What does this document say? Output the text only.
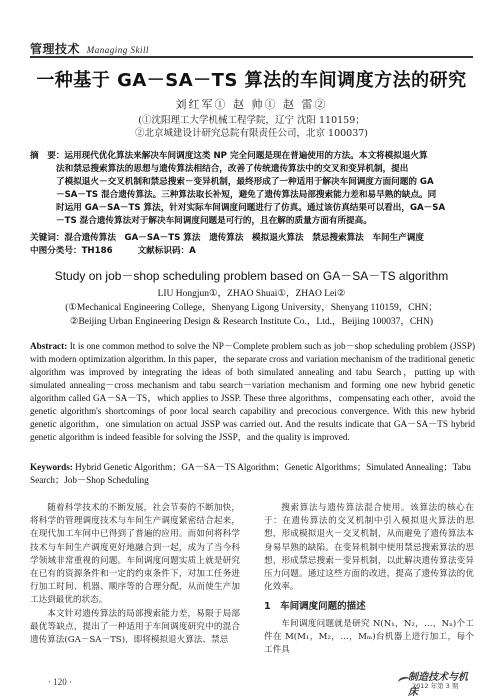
管理技术 Managing Skill
一种基于 GA－SA－TS 算法的车间调度方法的研究
刘红军① 赵 帅① 赵 雷②
(①沈阳理工大学机械工程学院，辽宁 沈阳 110159；
②北京城建设计研究总院有限责任公司，北京 100037)
摘　要：运用现代优化算法来解决车间调度这类 NP 完全问题是现在普遍使用的方法。本文将模拟退火算
法和禁忌搜索算法的思想与遗传算法相结合，改善了传统遗传算法中的交叉和变异机制，提出
了模拟退火－交叉机制和禁忌搜索－变异机制，最终形成了一种适用于解决车间调度方面问题的 GA
－SA－TS 混合遗传算法。三种算法取长补短，避免了遗传算法局部搜索能力差和易早熟的缺点。同
时运用 GA－SA－TS 算法，针对实际车间调度问题进行了仿真。通过该仿真结果可以看出，GA－SA
－TS 混合遗传算法对于解决车间调度问题是可行的，且在解的质量方面有所提高。
关键词：混合遗传算法　GA－SA－TS 算法　遗传算法　模拟退火算法　禁忌搜索算法　车间生产调度
中图分类号：TH186	文献标识码：A
Study on job－shop scheduling problem based on GA－SA－TS algorithm
LIU Hongjun①，ZHAO Shuai①，ZHAO Lei②
(①Mechanical Engineering College，Shenyang Ligong University，Shenyang 110159，CHN；
②Beijing Urban Engineering Design & Research Institute Co.，Ltd.，Beijing 100037，CHN)
Abstract: It is one common method to solve the NP－Complete problem such as job－shop scheduling problem (JSSP) with modern optimization algorithm. In this paper，the separate cross and variation mechanism of the traditional genetic algorithm was improved by integrating the ideas of both simulated annealing and tabu Search，putting up with simulated annealing－cross mechanism and tabu search－variation mechanism and forming one new hybrid genetic algorithm called GA－SA－TS，which applies to JSSP. These three algorithms，compensating each other，avoid the genetic algorithm's shortcomings of poor local search capability and precocious convergence. With this new hybrid genetic algorithm，one simulation on actual JSSP was carried out. And the results indicate that GA－SA－TS hybrid genetic algorithm is indeed feasible for solving the JSSP，and the quality is improved.
Keywords: Hybrid Genetic Algorithm；GA－SA－TS Algorithm；Genetic Algorithms；Simulated Annealing；Tabu Search；Job－Shop Scheduling

随着科学技术的不断发展，社会节奏的不断加快，将科学的管理调度技术与车间生产调度紧密结合起来，在现代加工车间中已得到了普遍的应用。而如何将科学技术与车间生产调度更好地融合到一起，成为了当今科学领域非常重视的问题。车间调度问题实质上就是研究在已有的资源条件和一定的约束条件下，对加工任务进行加工时间、机器、顺序等的合理分配，从而使生产加工达到最优的状态。

本文针对遗传算法的局部搜索能力差，易限于局部最优等缺点，提出了一种适用于车间调度研究中的混合遗传算法(GA－SA－TS)，即将模拟退火算法、禁忌

搜索算法与遗传算法混合使用。该算法的核心在于：在遗传算法的交叉机制中引入模拟退火算法的思想，形成模拟退火－交叉机制，从而避免了遗传算法本身易早熟的缺陷。在变异机制中使用禁忌搜索算法的思想，形成禁忌搜索－变异机制，以此解决遗传算法变异压力问题。通过这些方面的改进，提高了遗传算法的优化效率。

1　车间调度问题的描述

车间调度问题就是研究 N(N₁，N₂，…，Nₙ)个工件在 M(M₁，M₂，…，Mₘ)台机器上进行加工，每个工件具

· 120 ·	制造技术与机床
2012 年第 3 期
